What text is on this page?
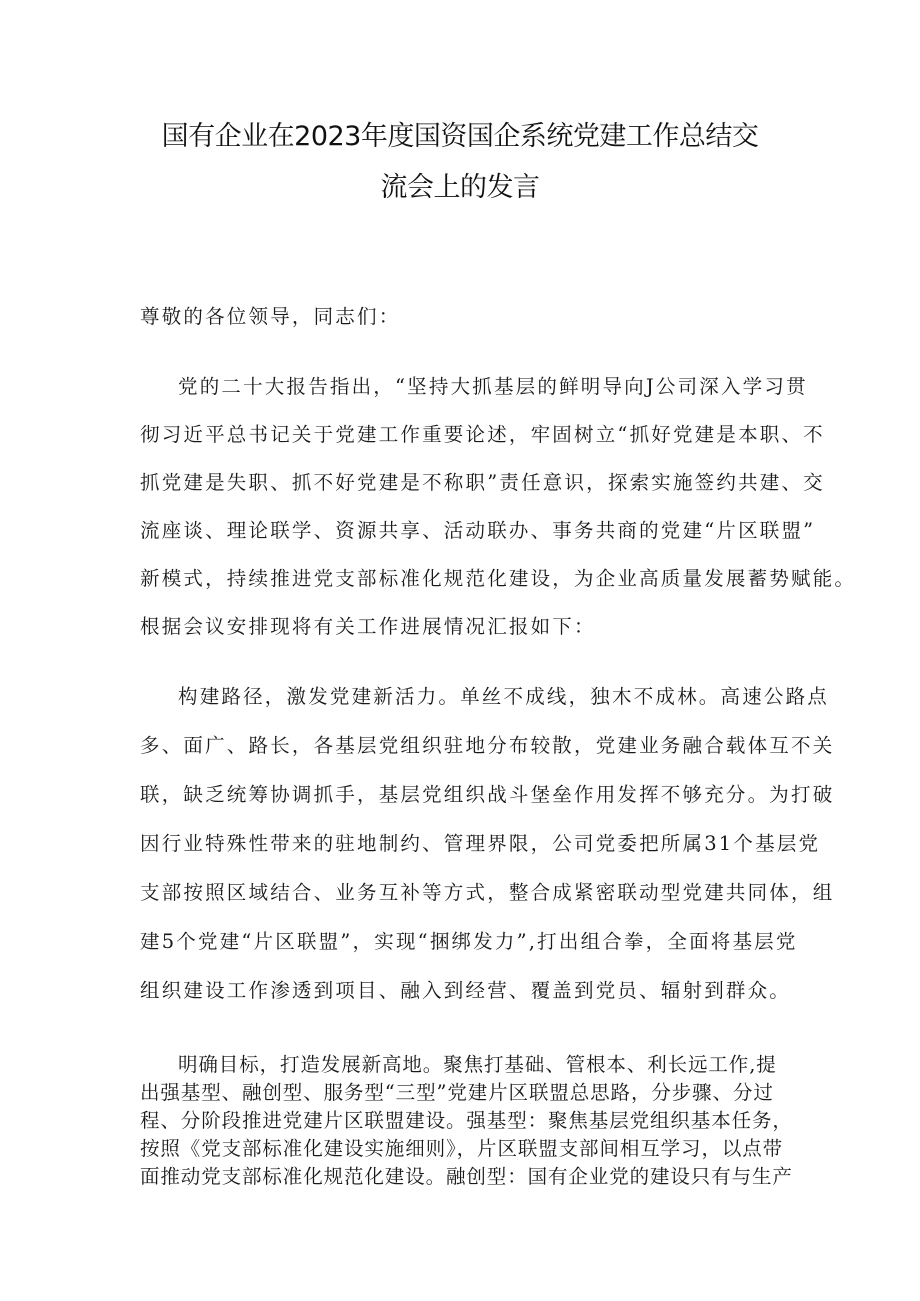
国有企业在2023年度国资国企系统党建工作总结交
流会上的发言
尊敬的各位领导，同志们：
党的二十大报告指出，“坚持大抓基层的鲜明导向J公司深入学习贯
彻习近平总书记关于党建工作重要论述，牢固树立“抓好党建是本职、不
抓党建是失职、抓不好党建是不称职”责任意识，探索实施签约共建、交
流座谈、理论联学、资源共享、活动联办、事务共商的党建“片区联盟”
新模式，持续推进党支部标准化规范化建设，为企业高质量发展蓄势赋能。
根据会议安排现将有关工作进展情况汇报如下：
构建路径，激发党建新活力。单丝不成线，独木不成林。高速公路点
多、面广、路长，各基层党组织驻地分布较散，党建业务融合载体互不关
联，缺乏统筹协调抓手，基层党组织战斗堡垒作用发挥不够充分。为打破
因行业特殊性带来的驻地制约、管理界限，公司党委把所属31个基层党
支部按照区域结合、业务互补等方式，整合成紧密联动型党建共同体，组
建5个党建“片区联盟”，实现“捆绑发力”,打出组合拳，全面将基层党
组织建设工作渗透到项目、融入到经营、覆盖到党员、辐射到群众。
明确目标，打造发展新高地。聚焦打基础、管根本、利长远工作,提
出强基型、融创型、服务型“三型”党建片区联盟总思路，分步骤、分过
程、分阶段推进党建片区联盟建设。强基型：聚焦基层党组织基本任务，
按照《党支部标准化建设实施细则》，片区联盟支部间相互学习，以点带
面推动党支部标准化规范化建设。融创型：国有企业党的建设只有与生产
